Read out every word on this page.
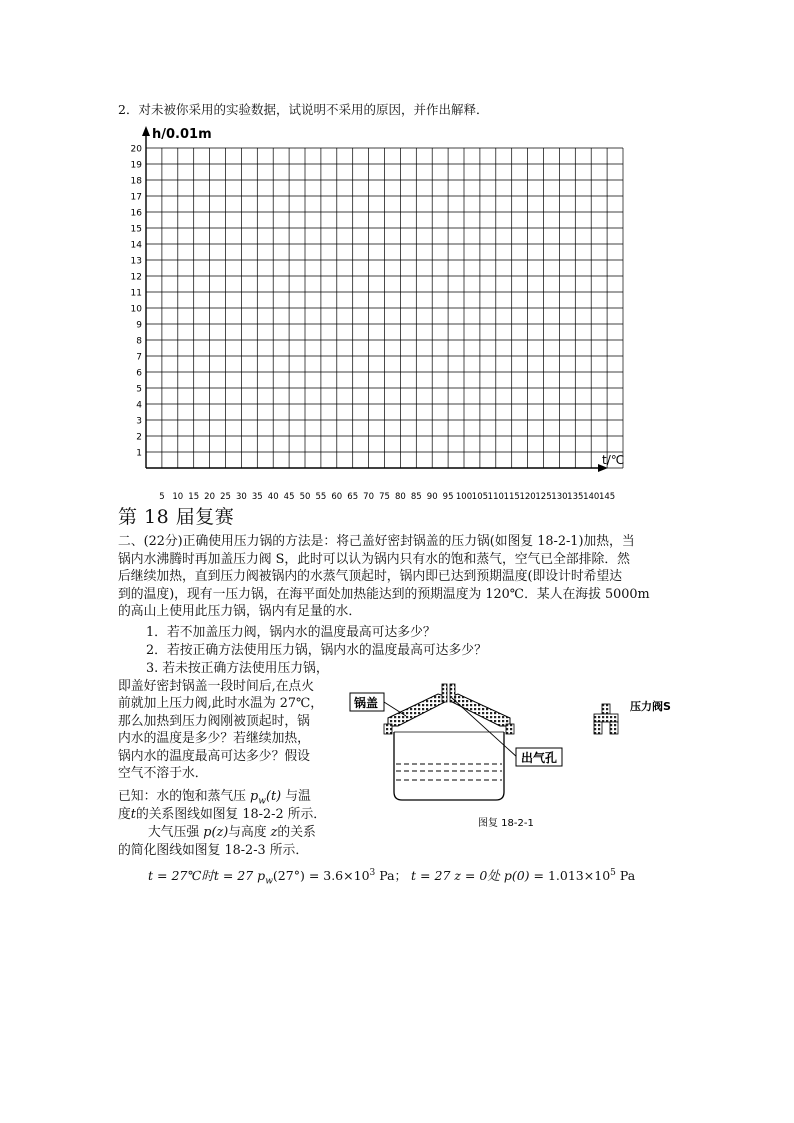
2．对未被你采用的实验数据，试说明不采用的原因，并作出解释．
h/0.01m
t/℃
1
2
3
4
5
6
7
8
9
10
11
12
13
14
15
16
17
18
19
20
5 10 15 20 25 30 35 40 45 50 55 60 65 70 75 80 85 90 95 100 105 110 115 120 125 130 135 140 145
第 18 届复赛
二、(22分)正确使用压力锅的方法是：将己盖好密封锅盖的压力锅(如图复 18-2-1)加热，当
锅内水沸腾时再加盖压力阀 S，此时可以认为锅内只有水的饱和蒸气，空气已全部排除．然
后继续加热，直到压力阀被锅内的水蒸气顶起时，锅内即已达到预期温度(即设计时希望达
到的温度)，现有一压力锅，在海平面处加热能达到的预期温度为 120℃．某人在海拔 5000m
的高山上使用此压力锅，锅内有足量的水．
1．若不加盖压力阀，锅内水的温度最高可达多少？
2．若按正确方法使用压力锅，锅内水的温度最高可达多少？
3. 若未按正确方法使用压力锅，
即盖好密封锅盖一段时间后,在点火
前就加上压力阀,此时水温为 27℃，
那么加热到压力阀刚被顶起时，锅
内水的温度是多少？若继续加热，
锅内水的温度最高可达多少？假设
空气不溶于水．
已知：水的饱和蒸气压 $p_w(t)$ 与温
度t的关系图线如图复 18-2-2 所示．
大气压强 p(z)与高度 z的关系
的简化图线如图复 18-2-3 所示．
t = 27℃时t = 27 $p_w(27^\circ) = 3.6\times 10^3$ Pa； t = 27 z = 0处 $p(0) = 1.013\times 10^5$ Pa
锅盖
出气孔
图复 18-2-1
压力阀S
